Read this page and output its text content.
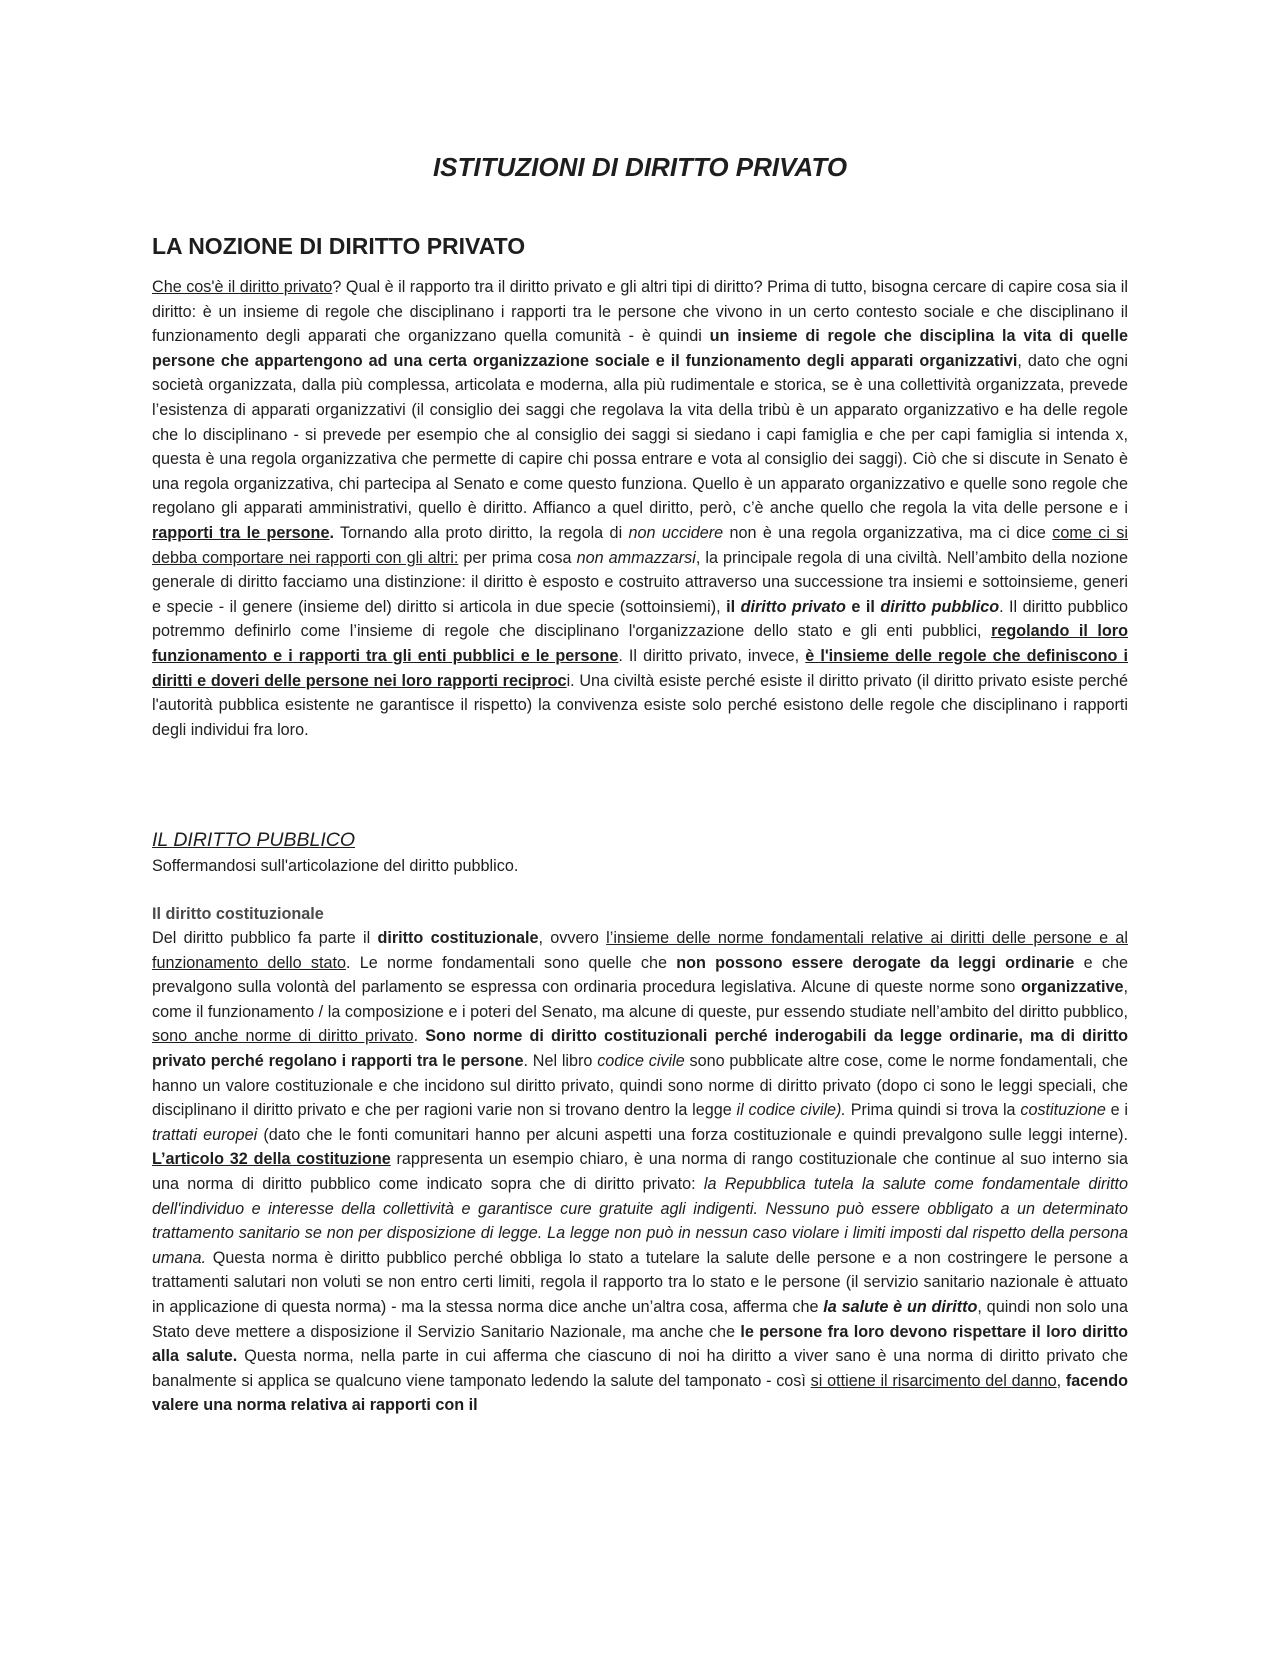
ISTITUZIONI DI DIRITTO PRIVATO
LA NOZIONE DI DIRITTO PRIVATO

Che cos'è il diritto privato? Qual è il rapporto tra il diritto privato e gli altri tipi di diritto? Prima di tutto, bisogna cercare di capire cosa sia il diritto: è un insieme di regole che disciplinano i rapporti tra le persone che vivono in un certo contesto sociale e che disciplinano il funzionamento degli apparati che organizzano quella comunità - è quindi un insieme di regole che disciplina la vita di quelle persone che appartengono ad una certa organizzazione sociale e il funzionamento degli apparati organizzativi, dato che ogni società organizzata, dalla più complessa, articolata e moderna, alla più rudimentale e storica, se è una collettività organizzata, prevede l’esistenza di apparati organizzativi (il consiglio dei saggi che regolava la vita della tribù è un apparato organizzativo e ha delle regole che lo disciplinano - si prevede per esempio che al consiglio dei saggi si siedano i capi famiglia e che per capi famiglia si intenda x, questa è una regola organizzativa che permette di capire chi possa entrare e vota al consiglio dei saggi). Ciò che si discute in Senato è una regola organizzativa, chi partecipa al Senato e come questo funziona. Quello è un apparato organizzativo e quelle sono regole che regolano gli apparati amministrativi, quello è diritto. Affianco a quel diritto, però, c’è anche quello che regola la vita delle persone e i rapporti tra le persone. Tornando alla proto diritto, la regola di non uccidere non è una regola organizzativa, ma ci dice come ci si debba comportare nei rapporti con gli altri: per prima cosa non ammazzarsi, la principale regola di una civiltà. Nell’ambito della nozione generale di diritto facciamo una distinzione: il diritto è esposto e costruito attraverso una successione tra insiemi e sottoinsieme, generi e specie - il genere (insieme del) diritto si articola in due specie (sottoinsiemi), il diritto privato e il diritto pubblico. Il diritto pubblico potremmo definirlo come l’insieme di regole che disciplinano l'organizzazione dello stato e gli enti pubblici, regolando il loro funzionamento e i rapporti tra gli enti pubblici e le persone. Il diritto privato, invece, è l'insieme delle regole che definiscono i diritti e doveri delle persone nei loro rapporti reciproci. Una civiltà esiste perché esiste il diritto privato (il diritto privato esiste perché l'autorità pubblica esistente ne garantisce il rispetto) la convivenza esiste solo perché esistono delle regole che disciplinano i rapporti degli individui fra loro.

IL DIRITTO PUBBLICO

Soffermandosi sull'articolazione del diritto pubblico.

Il diritto costituzionale

Del diritto pubblico fa parte il diritto costituzionale, ovvero l’insieme delle norme fondamentali relative ai diritti delle persone e al funzionamento dello stato. Le norme fondamentali sono quelle che non possono essere derogate da leggi ordinarie e che prevalgono sulla volontà del parlamento se espressa con ordinaria procedura legislativa. Alcune di queste norme sono organizzative, come il funzionamento / la composizione e i poteri del Senato, ma alcune di queste, pur essendo studiate nell’ambito del diritto pubblico, sono anche norme di diritto privato. Sono norme di diritto costituzionali perché inderogabili da legge ordinarie, ma di diritto privato perché regolano i rapporti tra le persone. Nel libro codice civile sono pubblicate altre cose, come le norme fondamentali, che hanno un valore costituzionale e che incidono sul diritto privato, quindi sono norme di diritto privato (dopo ci sono le leggi speciali, che disciplinano il diritto privato e che per ragioni varie non si trovano dentro la legge il codice civile). Prima quindi si trova la costituzione e i trattati europei (dato che le fonti comunitari hanno per alcuni aspetti una forza costituzionale e quindi prevalgono sulle leggi interne). L’articolo 32 della costituzione rappresenta un esempio chiaro, è una norma di rango costituzionale che continue al suo interno sia una norma di diritto pubblico come indicato sopra che di diritto privato: la Repubblica tutela la salute come fondamentale diritto dell'individuo e interesse della collettività e garantisce cure gratuite agli indigenti. Nessuno può essere obbligato a un determinato trattamento sanitario se non per disposizione di legge. La legge non può in nessun caso violare i limiti imposti dal rispetto della persona umana. Questa norma è diritto pubblico perché obbliga lo stato a tutelare la salute delle persone e a non costringere le persone a trattamenti salutari non voluti se non entro certi limiti, regola il rapporto tra lo stato e le persone (il servizio sanitario nazionale è attuato in applicazione di questa norma) - ma la stessa norma dice anche un’altra cosa, afferma che la salute è un diritto, quindi non solo una Stato deve mettere a disposizione il Servizio Sanitario Nazionale, ma anche che le persone fra loro devono rispettare il loro diritto alla salute. Questa norma, nella parte in cui afferma che ciascuno di noi ha diritto a viver sano è una norma di diritto privato che banalmente si applica se qualcuno viene tamponato ledendo la salute del tamponato - così si ottiene il risarcimento del danno, facendo valere una norma relativa ai rapporti con il
